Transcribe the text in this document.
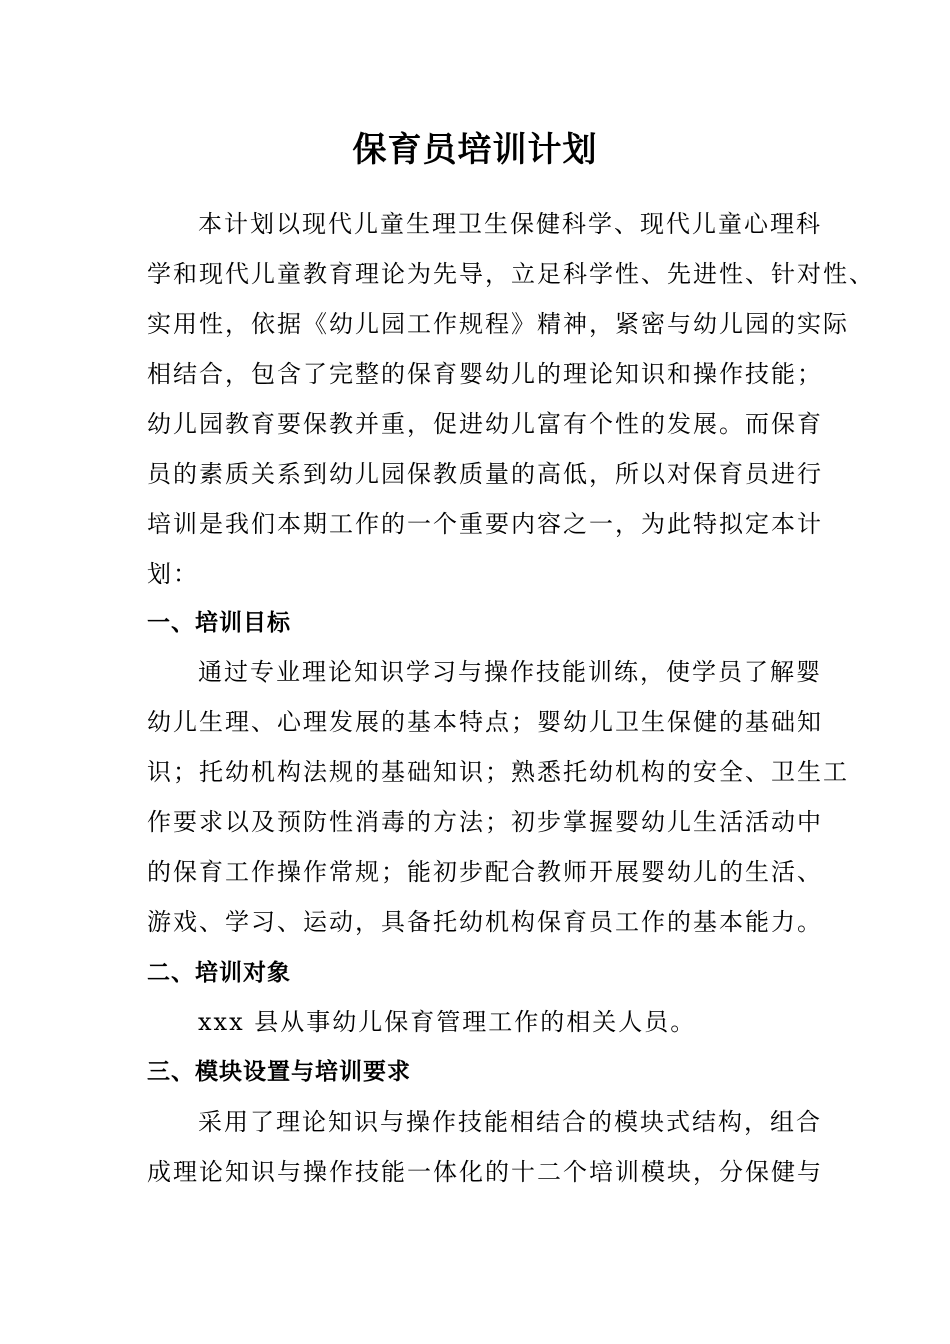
保育员培训计划

本计划以现代儿童生理卫生保健科学、现代儿童心理科

学和现代儿童教育理论为先导，立足科学性、先进性、针对性、

实用性，依据《幼儿园工作规程》精神，紧密与幼儿园的实际

相结合，包含了完整的保育婴幼儿的理论知识和操作技能；

幼儿园教育要保教并重，促进幼儿富有个性的发展。而保育

员的素质关系到幼儿园保教质量的高低，所以对保育员进行

培训是我们本期工作的一个重要内容之一，为此特拟定本计

划：

一、培训目标

通过专业理论知识学习与操作技能训练，使学员了解婴

幼儿生理、心理发展的基本特点；婴幼儿卫生保健的基础知

识；托幼机构法规的基础知识；熟悉托幼机构的安全、卫生工

作要求以及预防性消毒的方法；初步掌握婴幼儿生活活动中

的保育工作操作常规；能初步配合教师开展婴幼儿的生活、

游戏、学习、运动，具备托幼机构保育员工作的基本能力。

二、培训对象

xxx 县从事幼儿保育管理工作的相关人员。

三、模块设置与培训要求

采用了理论知识与操作技能相结合的模块式结构，组合

成理论知识与操作技能一体化的十二个培训模块，分保健与
